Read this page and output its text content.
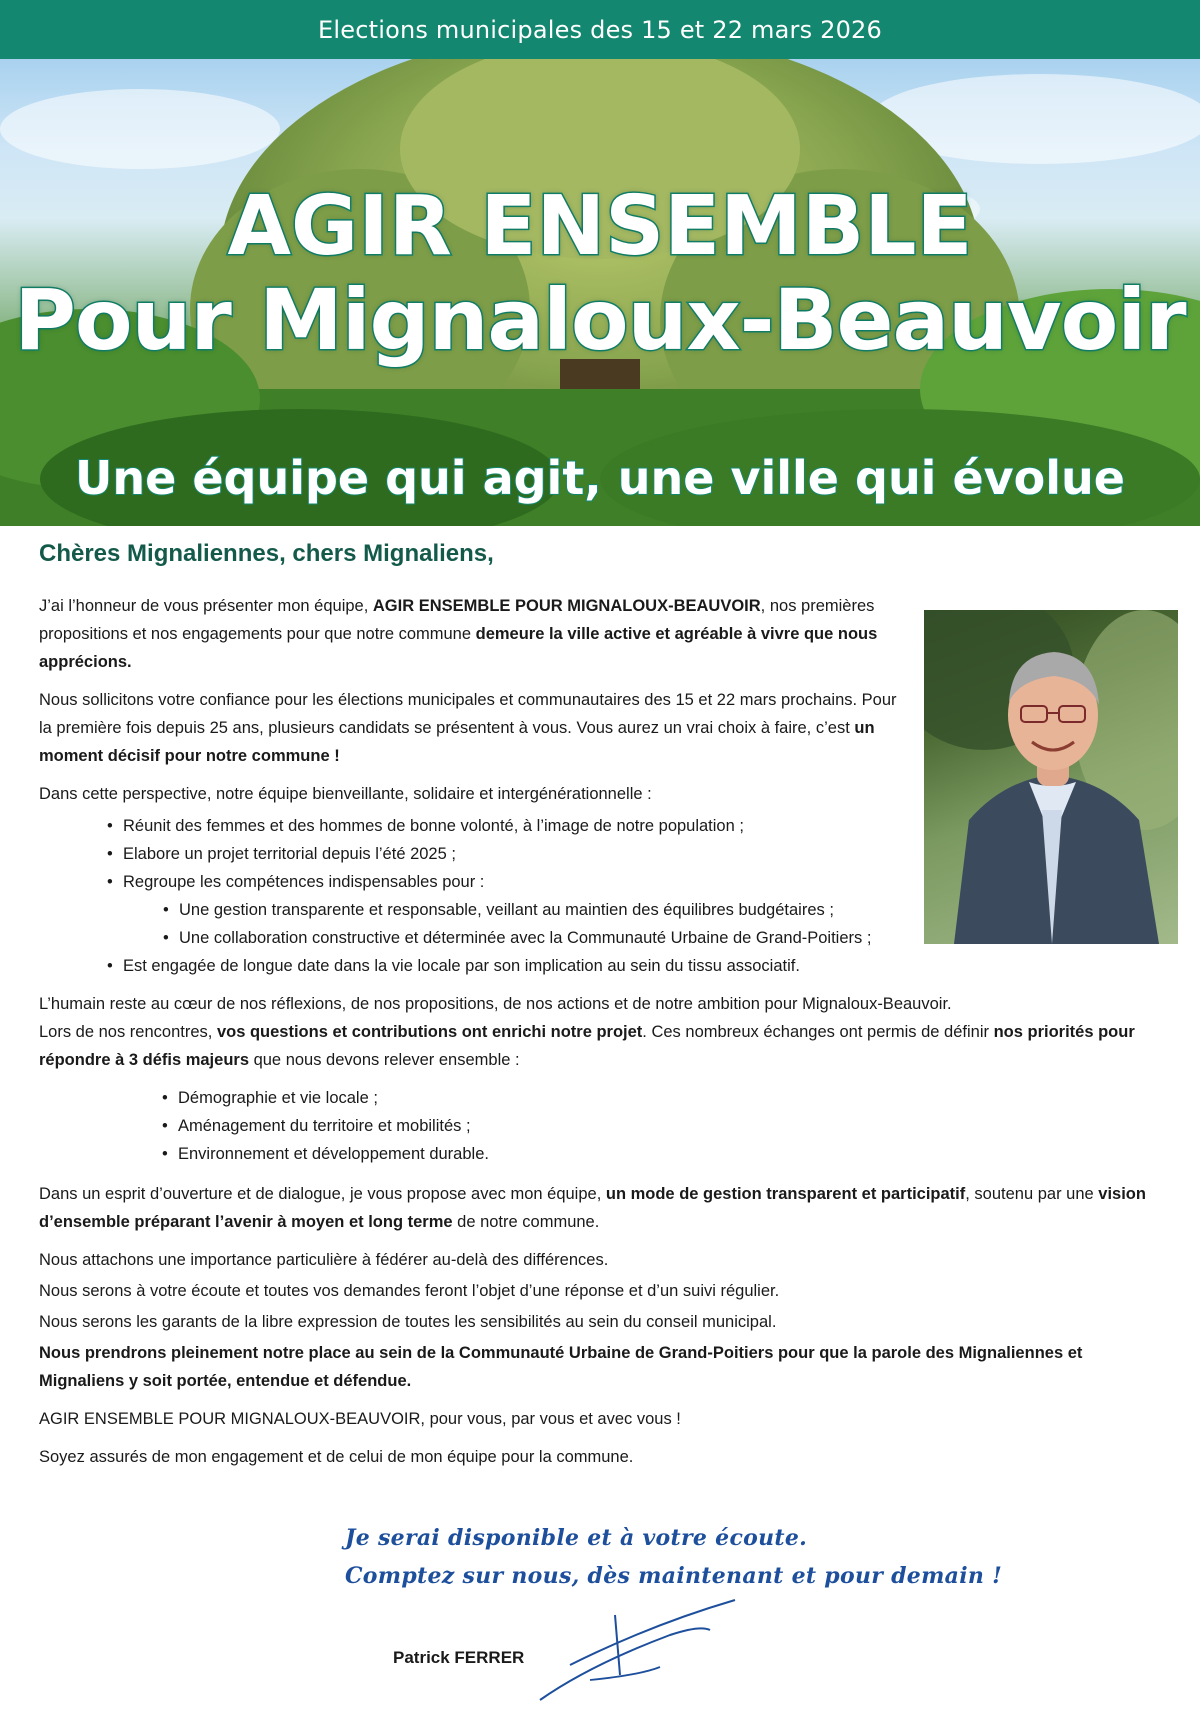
Elections municipales des 15 et 22 mars 2026
AGIR ENSEMBLE
Pour Mignaloux-Beauvoir
Une équipe qui agit, une ville qui évolue
Chères Mignaliennes, chers Mignaliens,

J’ai l’honneur de vous présenter mon équipe, AGIR ENSEMBLE POUR MIGNALOUX-BEAUVOIR, nos premières propositions et nos engagements pour que notre commune demeure la ville active et agréable à vivre que nous apprécions.

Nous sollicitons votre confiance pour les élections municipales et communautaires des 15 et 22 mars prochains. Pour la première fois depuis 25 ans, plusieurs candidats se présentent à vous. Vous aurez un vrai choix à faire, c’est un moment décisif pour notre commune !

Dans cette perspective, notre équipe bienveillante, solidaire et intergénérationnelle :

• Réunit des femmes et des hommes de bonne volonté, à l’image de notre population ;
• Elabore un projet territorial depuis l’été 2025 ;
• Regroupe les compétences indispensables pour :
• Une gestion transparente et responsable, veillant au maintien des équilibres budgétaires ;
• Une collaboration constructive et déterminée avec la Communauté Urbaine de Grand-Poitiers ;
• Est engagée de longue date dans la vie locale par son implication au sein du tissu associatif.

L’humain reste au cœur de nos réflexions, de nos propositions, de nos actions et de notre ambition pour Mignaloux-Beauvoir.

Lors de nos rencontres, vos questions et contributions ont enrichi notre projet. Ces nombreux échanges ont permis de définir nos priorités pour répondre à 3 défis majeurs que nous devons relever ensemble :

• Démographie et vie locale ;
• Aménagement du territoire et mobilités ;
• Environnement et développement durable.

Dans un esprit d’ouverture et de dialogue, je vous propose avec mon équipe, un mode de gestion transparent et participatif, soutenu par une vision d’ensemble préparant l’avenir à moyen et long terme de notre commune.

Nous attachons une importance particulière à fédérer au-delà des différences.
Nous serons à votre écoute et toutes vos demandes feront l’objet d’une réponse et d’un suivi régulier.
Nous serons les garants de la libre expression de toutes les sensibilités au sein du conseil municipal.
Nous prendrons pleinement notre place au sein de la Communauté Urbaine de Grand-Poitiers pour que la parole des Mignaliennes et Mignaliens y soit portée, entendue et défendue.

AGIR ENSEMBLE POUR MIGNALOUX-BEAUVOIR, pour vous, par vous et avec vous !

Soyez assurés de mon engagement et de celui de mon équipe pour la commune.

Je serai disponible et à votre écoute.
Comptez sur nous, dès maintenant et pour demain !
Patrick FERRER
